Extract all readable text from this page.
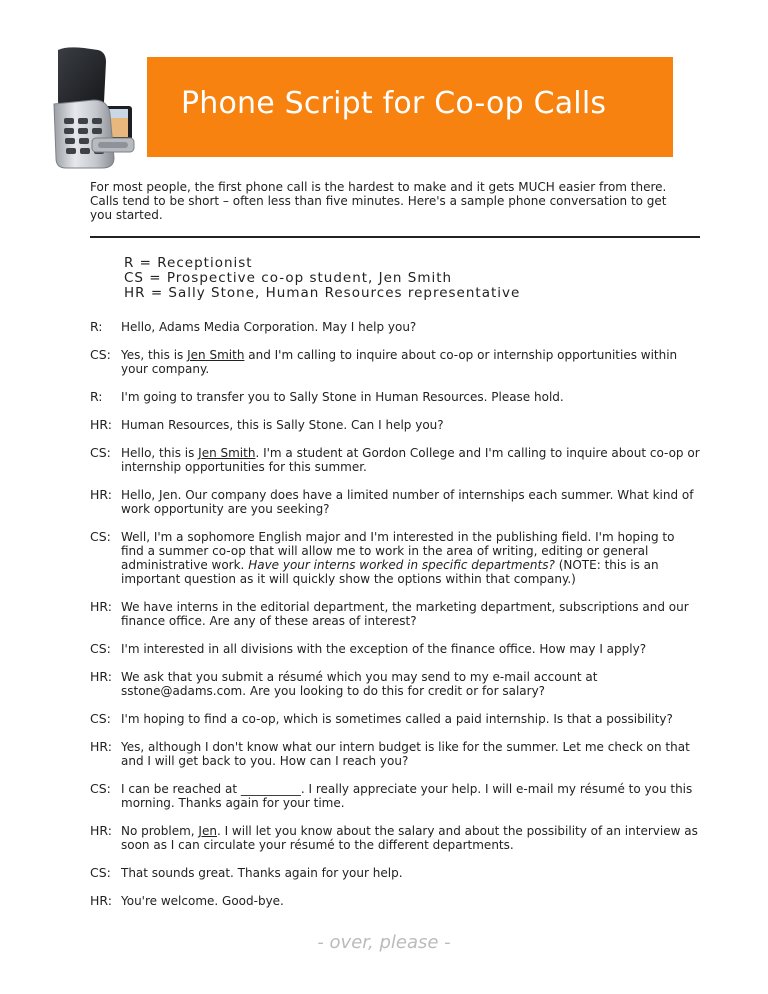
Phone Script for Co-op Calls
For most people, the first phone call is the hardest to make and it gets MUCH easier from there. Calls tend to be short – often less than five minutes. Here's a sample phone conversation to get you started.
R = Receptionist
CS = Prospective co-op student, Jen Smith
HR = Sally Stone, Human Resources representative
R: Hello, Adams Media Corporation. May I help you?
CS: Yes, this is Jen Smith and I'm calling to inquire about co-op or internship opportunities within your company.
R: I'm going to transfer you to Sally Stone in Human Resources. Please hold.
HR: Human Resources, this is Sally Stone. Can I help you?
CS: Hello, this is Jen Smith. I'm a student at Gordon College and I'm calling to inquire about co-op or internship opportunities for this summer.
HR: Hello, Jen. Our company does have a limited number of internships each summer. What kind of work opportunity are you seeking?
CS: Well, I'm a sophomore English major and I'm interested in the publishing field. I'm hoping to find a summer co-op that will allow me to work in the area of writing, editing or general administrative work. Have your interns worked in specific departments? (NOTE: this is an important question as it will quickly show the options within that company.)
HR: We have interns in the editorial department, the marketing department, subscriptions and our finance office. Are any of these areas of interest?
CS: I'm interested in all divisions with the exception of the finance office. How may I apply?
HR: We ask that you submit a résumé which you may send to my e-mail account at sstone@adams.com. Are you looking to do this for credit or for salary?
CS: I'm hoping to find a co-op, which is sometimes called a paid internship. Is that a possibility?
HR: Yes, although I don't know what our intern budget is like for the summer. Let me check on that and I will get back to you. How can I reach you?
CS: I can be reached at __________. I really appreciate your help. I will e-mail my résumé to you this morning. Thanks again for your time.
HR: No problem, Jen. I will let you know about the salary and about the possibility of an interview as soon as I can circulate your résumé to the different departments.
CS: That sounds great. Thanks again for your help.
HR: You're welcome. Good-bye.
- over, please -
